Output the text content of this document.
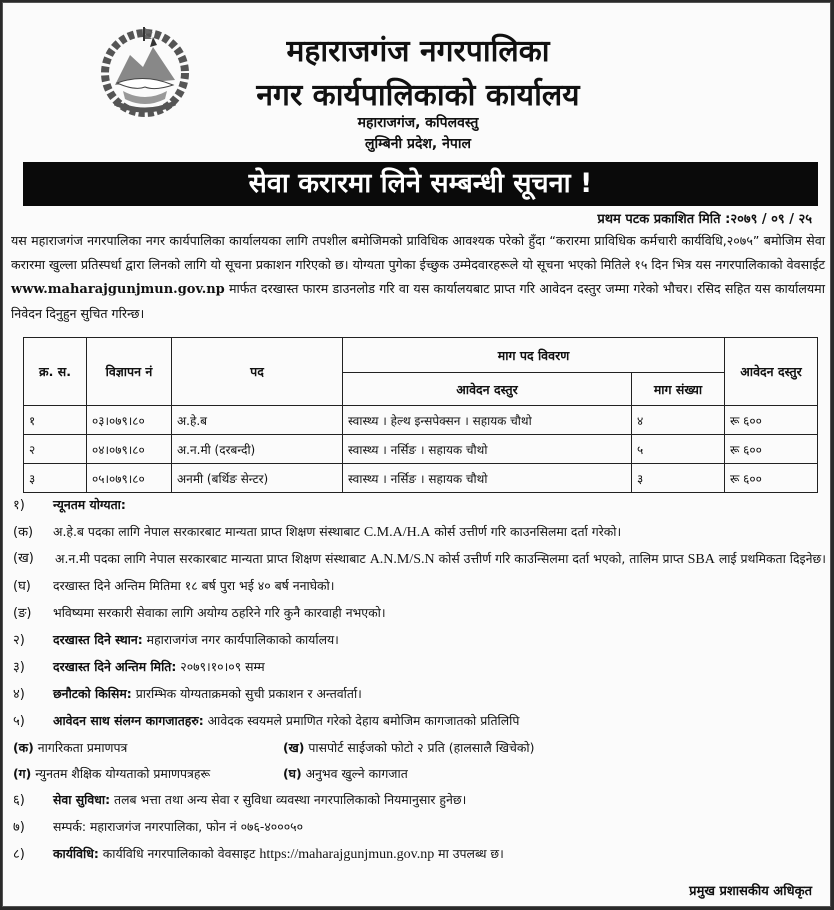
महाराजगंज नगरपालिका
नगर कार्यपालिकाको कार्यालय
महाराजगंज, कपिलवस्तु
लुम्बिनी प्रदेश, नेपाल
सेवा करारमा लिने सम्बन्धी सूचना !
प्रथम पटक प्रकाशित मिति :२०७९ / ०९ / २५
यस महाराजगंज नगरपालिका नगर कार्यपालिका कार्यालयका लागि तपशील बमोजिमको प्राविधिक आवश्यक परेको हुँदा “करारमा प्राविधिक कर्मचारी कार्यविधि,२०७५” बमोजिम सेवा करारमा खुल्ला प्रतिस्पर्धा द्वारा लिनको लागि यो सूचना प्रकाशन गरिएको छ। योग्यता पुगेका ईच्छुक उम्मेदवारहरूले यो सूचना भएको मितिले १५ दिन भित्र यस नगरपालिकाको वेवसाईट www.maharajgunjmun.gov.np मार्फत दरखास्त फारम डाउनलोड गरि वा यस कार्यालयबाट प्राप्त गरि आवेदन दस्तुर जम्मा गरेको भौचर। रसिद सहित यस कार्यालयमा निवेदन दिनुहुन सुचित गरिन्छ।
क्र. स.	विज्ञापन नं	पद	माग पद विवरण		आवेदन दस्तुर
			आवेदन दस्तुर	माग संख्या	
१	०३।०७९।८०	अ.हे.ब	स्वास्थ्य । हेल्थ इन्सपेक्सन । सहायक चौथो	४	रू ६००
२	०४।०७९।८०	अ.न.मी (दरबन्दी)	स्वास्थ्य । नर्सिङ । सहायक चौथो	५	रू ६००
३	०५।०७९।८०	अनमी (बर्थिङ सेन्टर)	स्वास्थ्य । नर्सिङ । सहायक चौथो	३	रू ६००
१) न्यूनतम योग्यता:
(क) अ.हे.ब पदका लागि नेपाल सरकारबाट मान्यता प्राप्त शिक्षण संस्थाबाट C.M.A/H.A कोर्स उत्तीर्ण गरि काउनसिलमा दर्ता गरेको।
(ख)	अ.न.मी पदका लागि नेपाल सरकारबाट मान्यता प्राप्त शिक्षण संस्थाबाट A.N.M/S.N कोर्स उत्तीर्ण गरि काउन्सिलमा दर्ता भएको, तालिम प्राप्त SBA लाई प्रथमिकता दिइनेछ।
(घ) दरखास्त दिने अन्तिम मितिमा १८ बर्ष पुरा भई ४० बर्ष ननाघेको।
(ङ) भविष्यमा सरकारी सेवाका लागि अयोग्य ठहरिने गरि कुनै कारवाही नभएको।
२) दरखास्त दिने स्थान: महाराजगंज नगर कार्यपालिकाको कार्यालय।
३) दरखास्त दिने अन्तिम मिति: २०७९।१०।०९ सम्म
४) छनौटको किसिम: प्रारम्भिक योग्यताक्रमको सुची प्रकाशन र अन्तर्वार्ता।
५) आवेदन साथ संलग्न कागजातहरु: आवेदक स्वयमले प्रमाणित गरेको देहाय बमोजिम कागजातको प्रतिलिपि
(क) नागरिकता प्रमाणपत्र	(ख) पासपोर्ट साईजको फोटो २ प्रति (हालसालै खिचेको)
(ग) न्युनतम शैक्षिक योग्यताको प्रमाणपत्रहरू	(घ) अनुभव खुल्ने कागजात
६) सेवा सुविधा: तलब भत्ता तथा अन्य सेवा र सुविधा व्यवस्था नगरपालिकाको नियमानुसार हुनेछ।
७) सम्पर्क: महाराजगंज नगरपालिका, फोन नं ०७६-४०००५०
८) कार्यविधि: कार्यविधि नगरपालिकाको वेवसाइट https://maharajgunjmun.gov.np मा उपलब्ध छ।
प्रमुख प्रशासकीय अधिकृत
